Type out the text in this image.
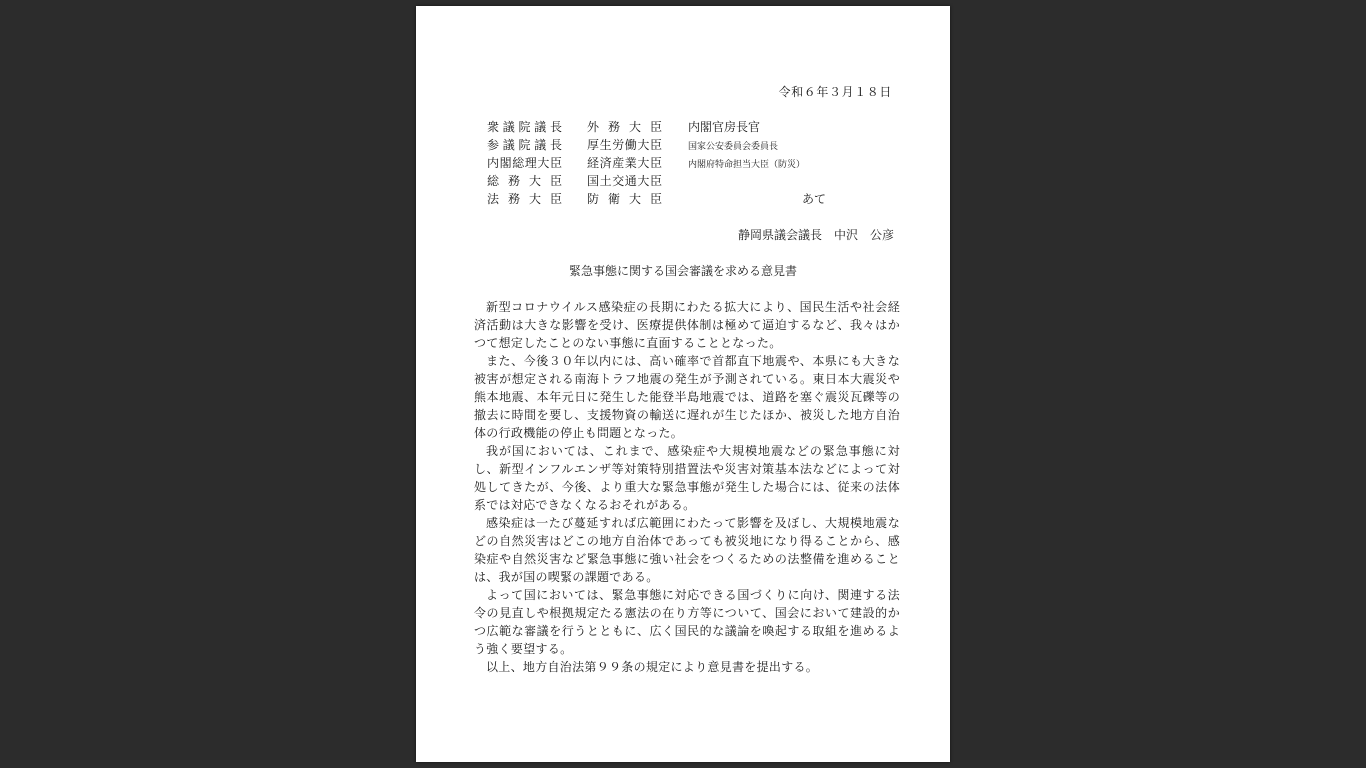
令和６年３月１８日
衆議院議長
参議院議長
内閣総理大臣
総務大臣
法務大臣
外務大臣
厚生労働大臣
経済産業大臣
国土交通大臣
防衛大臣
内閣官房長官
国家公安委員会委員長
内閣府特命担当大臣（防災）
あて
静岡県議会議長 中沢 公彦
緊急事態に関する国会審議を求める意見書

新型コロナウイルス感染症の長期にわたる拡大により、国民生活や社会経済活動は大きな影響を受け、医療提供体制は極めて逼迫するなど、我々はかつて想定したことのない事態に直面することとなった。

また、今後３０年以内には、高い確率で首都直下地震や、本県にも大きな被害が想定される南海トラフ地震の発生が予測されている。東日本大震災や熊本地震、本年元日に発生した能登半島地震では、道路を塞ぐ震災瓦礫等の撤去に時間を要し、支援物資の輸送に遅れが生じたほか、被災した地方自治体の行政機能の停止も問題となった。

我が国においては、これまで、感染症や大規模地震などの緊急事態に対し、新型インフルエンザ等対策特別措置法や災害対策基本法などによって対処してきたが、今後、より重大な緊急事態が発生した場合には、従来の法体系では対応できなくなるおそれがある。

感染症は一たび蔓延すれば広範囲にわたって影響を及ぼし、大規模地震などの自然災害はどこの地方自治体であっても被災地になり得ることから、感染症や自然災害など緊急事態に強い社会をつくるための法整備を進めることは、我が国の喫緊の課題である。

よって国においては、緊急事態に対応できる国づくりに向け、関連する法令の見直しや根拠規定たる憲法の在り方等について、国会において建設的かつ広範な審議を行うとともに、広く国民的な議論を喚起する取組を進めるよう強く要望する。

以上、地方自治法第９９条の規定により意見書を提出する。
